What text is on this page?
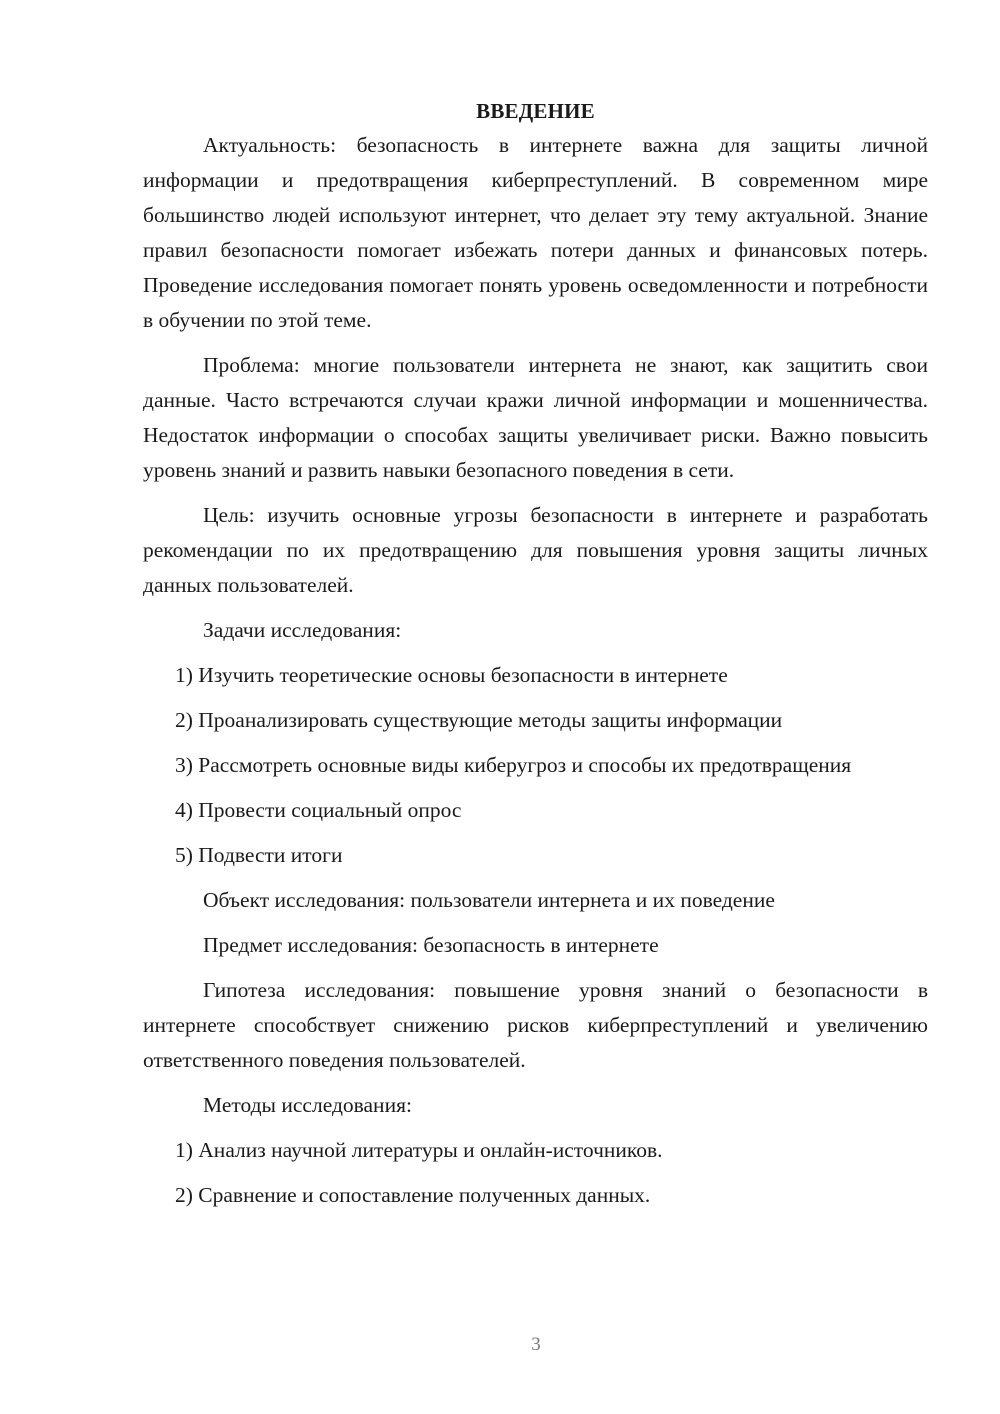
ВВЕДЕНИЕ

Актуальность: безопасность в интернете важна для защиты личной информации и предотвращения киберпреступлений. В современном мире большинство людей используют интернет, что делает эту тему актуальной. Знание правил безопасности помогает избежать потери данных и финансовых потерь. Проведение исследования помогает понять уровень осведомленности и потребности в обучении по этой теме.

Проблема: многие пользователи интернета не знают, как защитить свои данные. Часто встречаются случаи кражи личной информации и мошенничества. Недостаток информации о способах защиты увеличивает риски. Важно повысить уровень знаний и развить навыки безопасного поведения в сети.

Цель: изучить основные угрозы безопасности в интернете и разработать рекомендации по их предотвращению для повышения уровня защиты личных данных пользователей.

Задачи исследования:

1) Изучить теоретические основы безопасности в интернете

2) Проанализировать существующие методы защиты информации

3) Рассмотреть основные виды киберугроз и способы их предотвращения

4) Провести социальный опрос

5) Подвести итоги

Объект исследования: пользователи интернета и их поведение

Предмет исследования: безопасность в интернете

Гипотеза исследования: повышение уровня знаний о безопасности в интернете способствует снижению рисков киберпреступлений и увеличению ответственного поведения пользователей.

Методы исследования:

1) Анализ научной литературы и онлайн-источников.

2) Сравнение и сопоставление полученных данных.

3
